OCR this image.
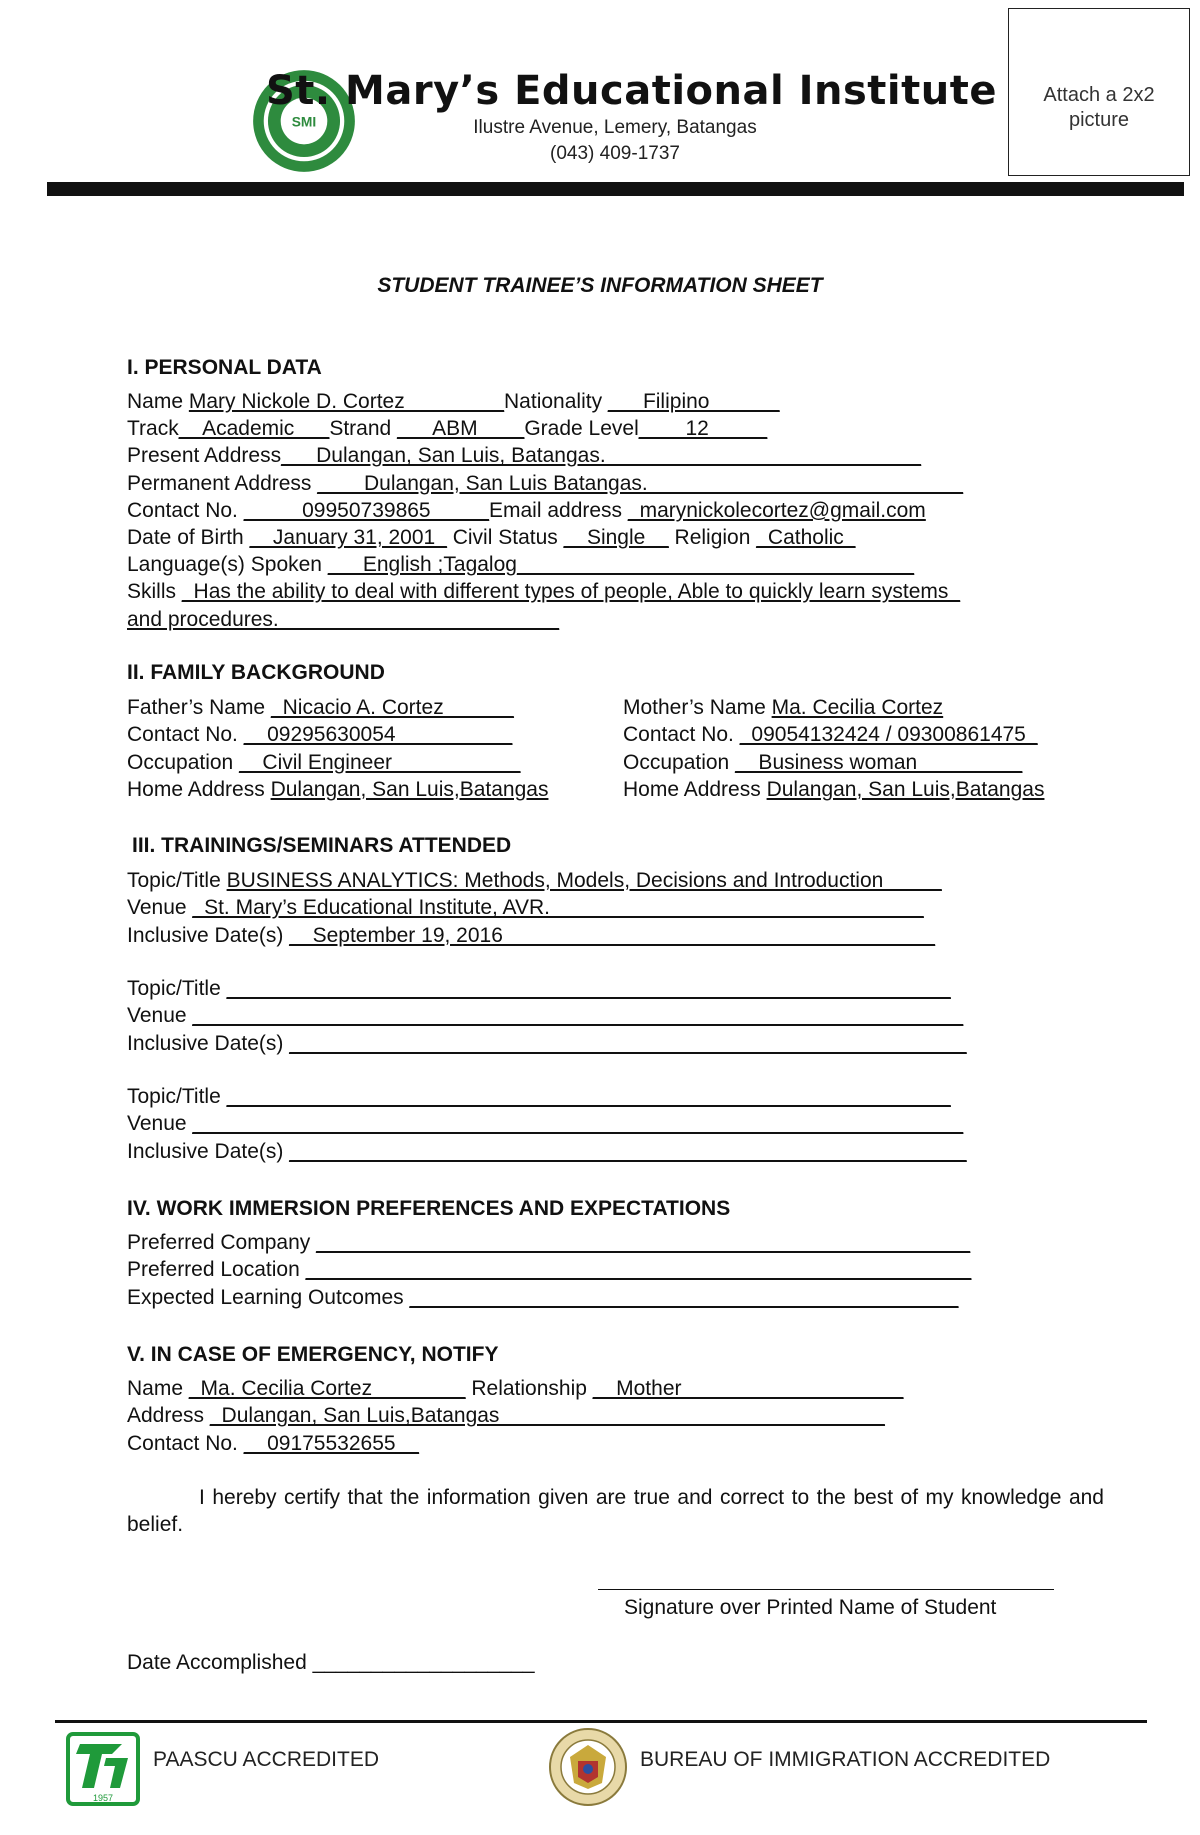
SMI
St. Mary’s Educational Institute
Ilustre Avenue, Lemery, Batangas
(043) 409-1737
Attach a 2x2
picture
STUDENT TRAINEE’S INFORMATION SHEET
I. PERSONAL DATA
Name Mary Nickole D. Cortez ________Nationality ___Filipino______
Track__Academic___Strand ___ABM____Grade Level____12_____
Present Address___Dulangan, San Luis, Batangas.___________________________
Permanent Address ____Dulangan, San Luis Batangas.___________________________
Contact No. _____09950739865_____Email address _marynickolecortez@gmail.com
Date of Birth __January 31, 2001_ Civil Status __Single__ Religion _Catholic_
Language(s) Spoken ___English ;Tagalog__________________________________
Skills _Has the ability to deal with different types of people, Able to quickly learn systems_
and procedures.________________________
II. FAMILY BACKGROUND
Father’s Name _Nicacio A. Cortez______
Contact No. __09295630054__________
Occupation __Civil Engineer___________
Home Address Dulangan, San Luis,Batangas
Mother’s Name Ma. Cecilia Cortez
Contact No. _09054132424 / 09300861475_
Occupation __Business woman_________
Home Address Dulangan, San Luis,Batangas
III. TRAININGS/SEMINARS ATTENDED
Topic/Title BUSINESS ANALYTICS: Methods, Models, Decisions and Introduction_____
Venue _St. Mary’s Educational Institute, AVR.________________________________
Inclusive Date(s) __September 19, 2016_____________________________________
Topic/Title ______________________________________________________________
Venue __________________________________________________________________
Inclusive Date(s) __________________________________________________________
Topic/Title ______________________________________________________________
Venue __________________________________________________________________
Inclusive Date(s) __________________________________________________________
IV. WORK IMMERSION PREFERENCES AND EXPECTATIONS
Preferred Company ________________________________________________________
Preferred Location _________________________________________________________
Expected Learning Outcomes _______________________________________________
V. IN CASE OF EMERGENCY, NOTIFY
Name _Ma. Cecilia Cortez________ Relationship __Mother___________________
Address _Dulangan, San Luis,Batangas_________________________________
Contact No. __09175532655__
I hereby certify that the information given are true and correct to the best of my knowledge and belief.
Signature over Printed Name of Student
Date Accomplished ___________________
1957
PAASCU ACCREDITED	BUREAU OF IMMIGRATION ACCREDITED
